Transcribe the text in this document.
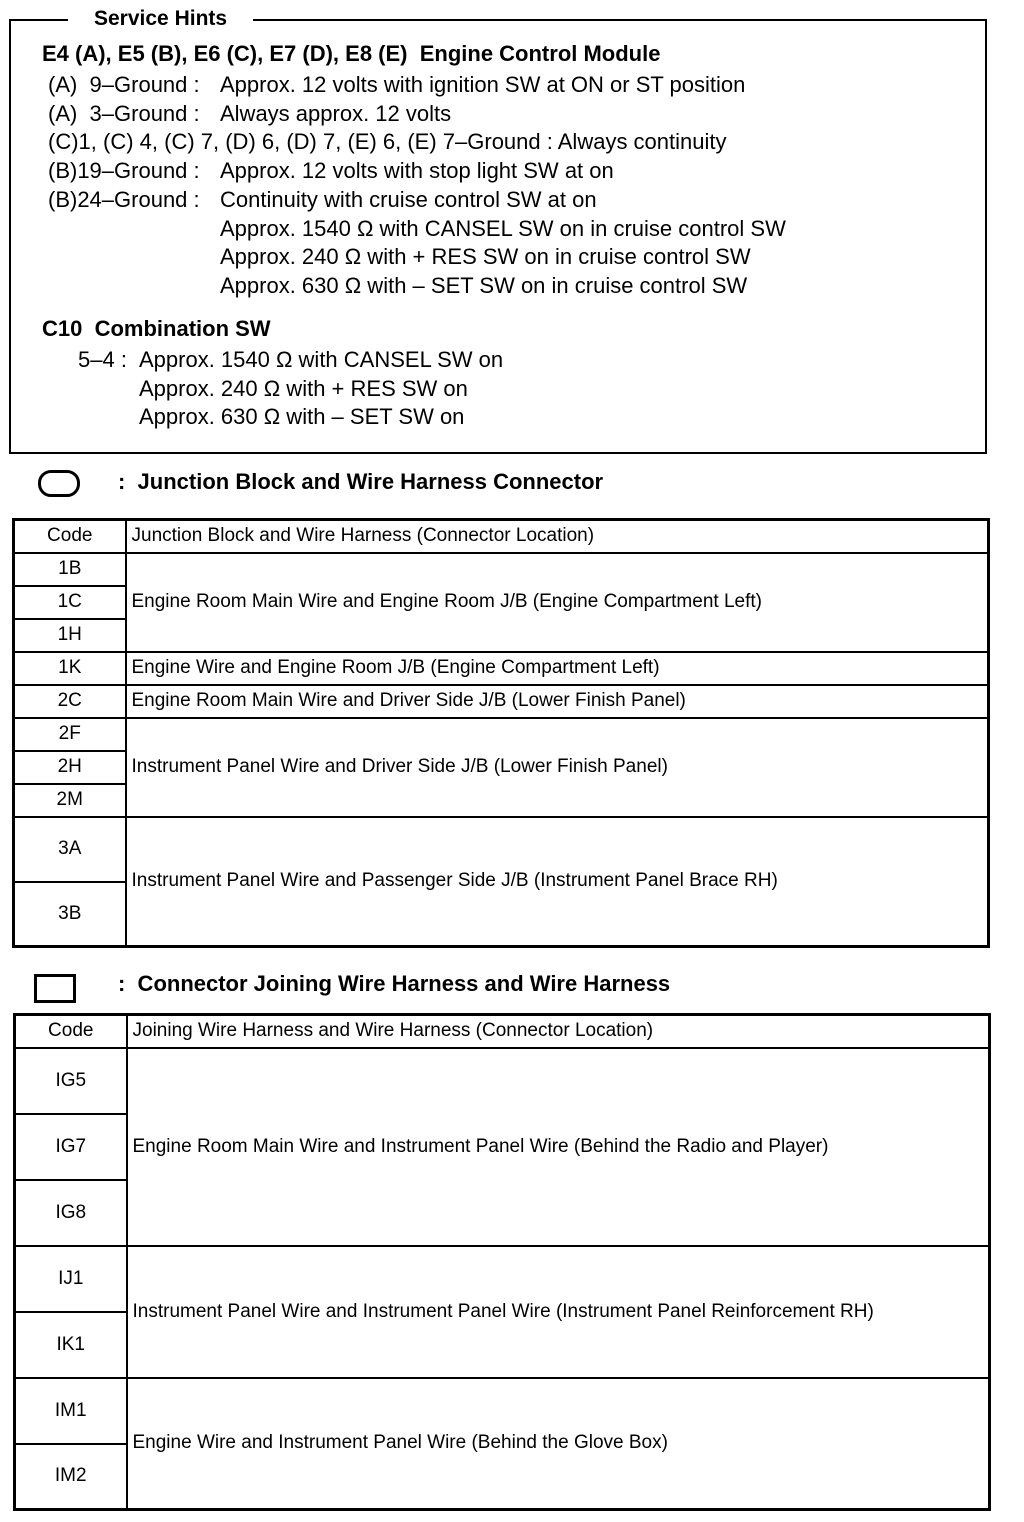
Service Hints
E4 (A), E5 (B), E6 (C), E7 (D), E8 (E)  Engine Control Module
(A)  9–Ground : Approx. 12 volts with ignition SW at ON or ST position
(A)  3–Ground : Always approx. 12 volts
(C)1, (C) 4, (C) 7, (D) 6, (D) 7, (E) 6, (E) 7–Ground : Always continuity
(B)19–Ground : Approx. 12 volts with stop light SW at on
(B)24–Ground : Continuity with cruise control SW at on
Approx. 1540 Ω with CANSEL SW on in cruise control SW
Approx. 240 Ω with + RES SW on in cruise control SW
Approx. 630 Ω with – SET SW on in cruise control SW
C10  Combination SW
5–4 : Approx. 1540 Ω with CANSEL SW on
Approx. 240 Ω with + RES SW on
Approx. 630 Ω with – SET SW on
:  Junction Block and Wire Harness Connector
Code	Junction Block and Wire Harness (Connector Location)
1B	Engine Room Main Wire and Engine Room J/B (Engine Compartment Left)
1C	
1H	
1K	Engine Wire and Engine Room J/B (Engine Compartment Left)
2C	Engine Room Main Wire and Driver Side J/B (Lower Finish Panel)
2F	Instrument Panel Wire and Driver Side J/B (Lower Finish Panel)
2H	
2M	
3A	Instrument Panel Wire and Passenger Side J/B (Instrument Panel Brace RH)
3B	
:  Connector Joining Wire Harness and Wire Harness
Code	Joining Wire Harness and Wire Harness (Connector Location)
IG5	Engine Room Main Wire and Instrument Panel Wire (Behind the Radio and Player)
IG7	
IG8	
IJ1	Instrument Panel Wire and Instrument Panel Wire (Instrument Panel Reinforcement RH)
IK1	
IM1	Engine Wire and Instrument Panel Wire (Behind the Glove Box)
IM2	
